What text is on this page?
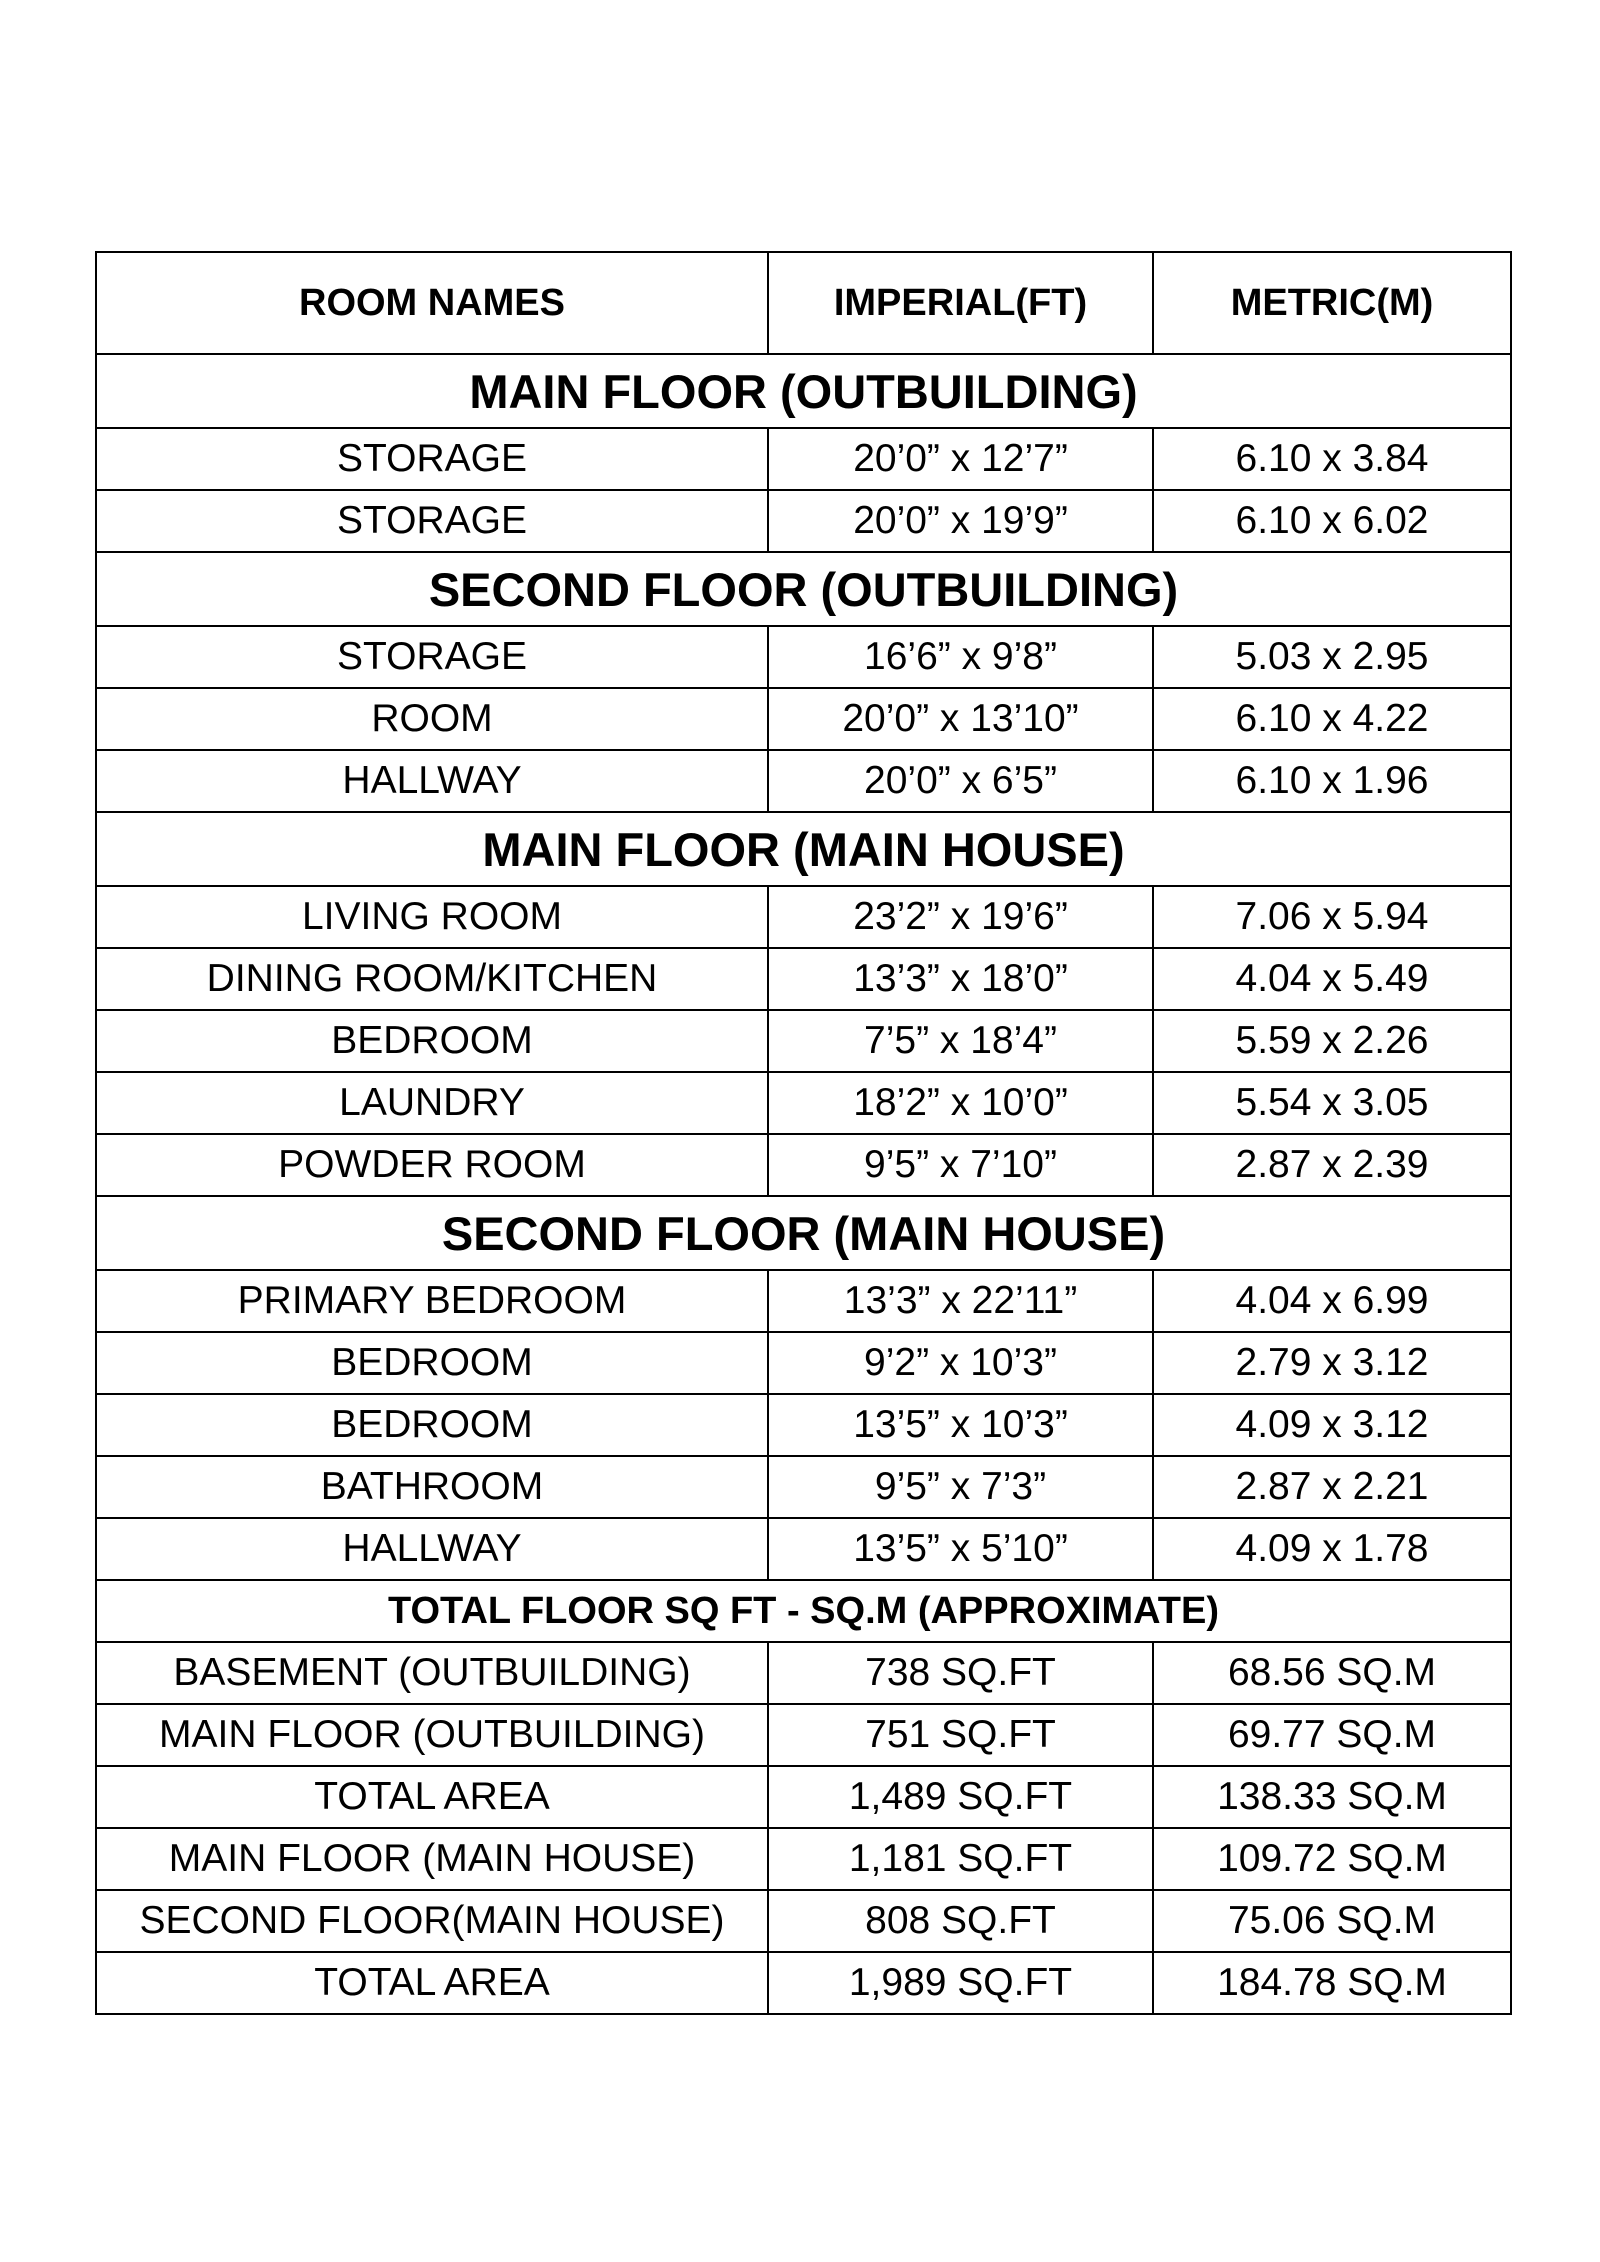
ROOM NAMES	IMPERIAL(FT)	METRIC(M)
MAIN FLOOR (OUTBUILDING)		
STORAGE	20’0” x 12’7”	6.10 x 3.84
STORAGE	20’0” x 19’9”	6.10 x 6.02
SECOND FLOOR (OUTBUILDING)		
STORAGE	16’6” x 9’8”	5.03 x 2.95
ROOM	20’0” x 13’10”	6.10 x 4.22
HALLWAY	20’0” x 6’5”	6.10 x 1.96
MAIN FLOOR (MAIN HOUSE)		
LIVING ROOM	23’2” x 19’6”	7.06 x 5.94
DINING ROOM/KITCHEN	13’3” x 18’0”	4.04 x 5.49
BEDROOM	7’5” x 18’4”	5.59 x 2.26
LAUNDRY	18’2” x 10’0”	5.54 x 3.05
POWDER ROOM	9’5” x 7’10”	2.87 x 2.39
SECOND FLOOR (MAIN HOUSE)		
PRIMARY BEDROOM	13’3” x 22’11”	4.04 x 6.99
BEDROOM	9’2” x 10’3”	2.79 x 3.12
BEDROOM	13’5” x 10’3”	4.09 x 3.12
BATHROOM	9’5” x 7’3”	2.87 x 2.21
HALLWAY	13’5” x 5’10”	4.09 x 1.78
TOTAL FLOOR SQ FT - SQ.M (APPROXIMATE)		
BASEMENT (OUTBUILDING)	738 SQ.FT	68.56 SQ.M
MAIN FLOOR (OUTBUILDING)	751 SQ.FT	69.77 SQ.M
TOTAL AREA	1,489 SQ.FT	138.33 SQ.M
MAIN FLOOR (MAIN HOUSE)	1,181 SQ.FT	109.72 SQ.M
SECOND FLOOR(MAIN HOUSE)	808 SQ.FT	75.06 SQ.M
TOTAL AREA	1,989 SQ.FT	184.78 SQ.M
